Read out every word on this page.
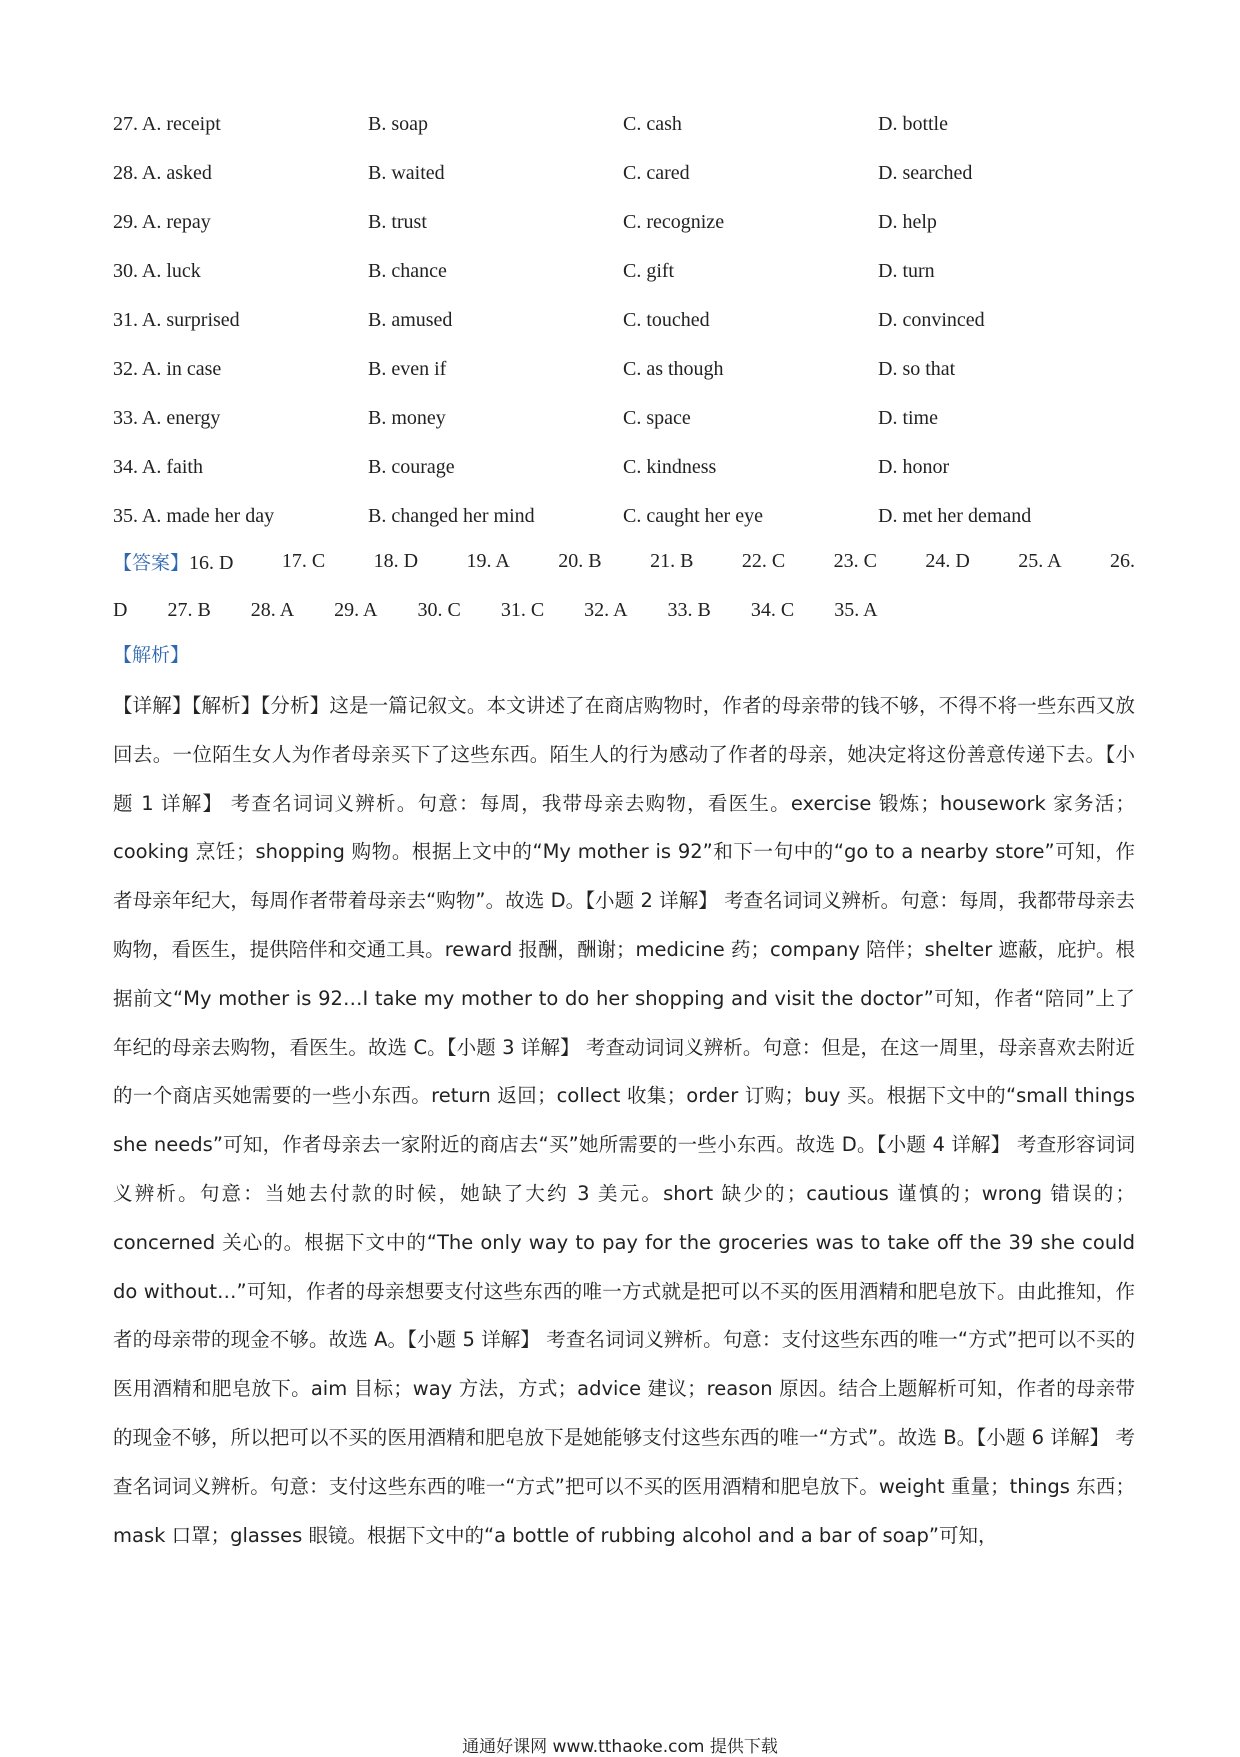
27. A. receipt	B. soap	C. cash	D. bottle
28. A. asked	B. waited	C. cared	D. searched
29. A. repay	B. trust	C. recognize	D. help
30. A. luck	B. chance	C. gift	D. turn
31. A. surprised	B. amused	C. touched	D. convinced
32. A. in case	B. even if	C. as though	D. so that
33. A. energy	B. money	C. space	D. time
34. A. faith	B. courage	C. kindness	D. honor
35. A. made her day	B. changed her mind	C. caught her eye	D. met her demand
【答案】16. D 17. C 18. D 19. A 20. B 21. B 22. C 23. C 24. D 25. A 26.
D 27. B 28. A 29. A 30. C 31. C 32. A 33. B 34. C 35. A
【解析】
【详解】【解析】【分析】这是一篇记叙文。本文讲述了在商店购物时，作者的母亲带的钱不够，不得不将一些东西又放回去。一位陌生女人为作者母亲买下了这些东西。陌生人的行为感动了作者的母亲，她决定将这份善意传递下去。【小题 1 详解】 考查名词词义辨析。句意：每周，我带母亲去购物，看医生。exercise 锻炼；housework 家务活；cooking 烹饪；shopping 购物。根据上文中的“My mother is 92”和下一句中的“go to a nearby store”可知，作者母亲年纪大，每周作者带着母亲去“购物”。故选 D。【小题 2 详解】 考查名词词义辨析。句意：每周，我都带母亲去购物，看医生，提供陪伴和交通工具。reward 报酬，酬谢；medicine 药；company 陪伴；shelter 遮蔽，庇护。根据前文“My mother is 92…I take my mother to do her shopping and visit the doctor”可知，作者“陪同”上了年纪的母亲去购物，看医生。故选 C。【小题 3 详解】 考查动词词义辨析。句意：但是，在这一周里，母亲喜欢去附近的一个商店买她需要的一些小东西。return 返回；collect 收集；order 订购；buy 买。根据下文中的“small things she needs”可知，作者母亲去一家附近的商店去“买”她所需要的一些小东西。故选 D。【小题 4 详解】 考查形容词词义辨析。句意：当她去付款的时候，她缺了大约 3 美元。short 缺少的；cautious 谨慎的；wrong 错误的；concerned 关心的。根据下文中的“The only way to pay for the groceries was to take off the 39 she could do without…”可知，作者的母亲想要支付这些东西的唯一方式就是把可以不买的医用酒精和肥皂放下。由此推知，作者的母亲带的现金不够。故选 A。【小题 5 详解】 考查名词词义辨析。句意：支付这些东西的唯一“方式”把可以不买的医用酒精和肥皂放下。aim 目标；way 方法，方式；advice 建议；reason 原因。结合上题解析可知，作者的母亲带的现金不够，所以把可以不买的医用酒精和肥皂放下是她能够支付这些东西的唯一“方式”。故选 B。【小题 6 详解】 考查名词词义辨析。句意：支付这些东西的唯一“方式”把可以不买的医用酒精和肥皂放下。weight 重量；things 东西；mask 口罩；glasses 眼镜。根据下文中的“a bottle of rubbing alcohol and a bar of soap”可知，
通通好课网 www.tthaoke.com 提供下载
